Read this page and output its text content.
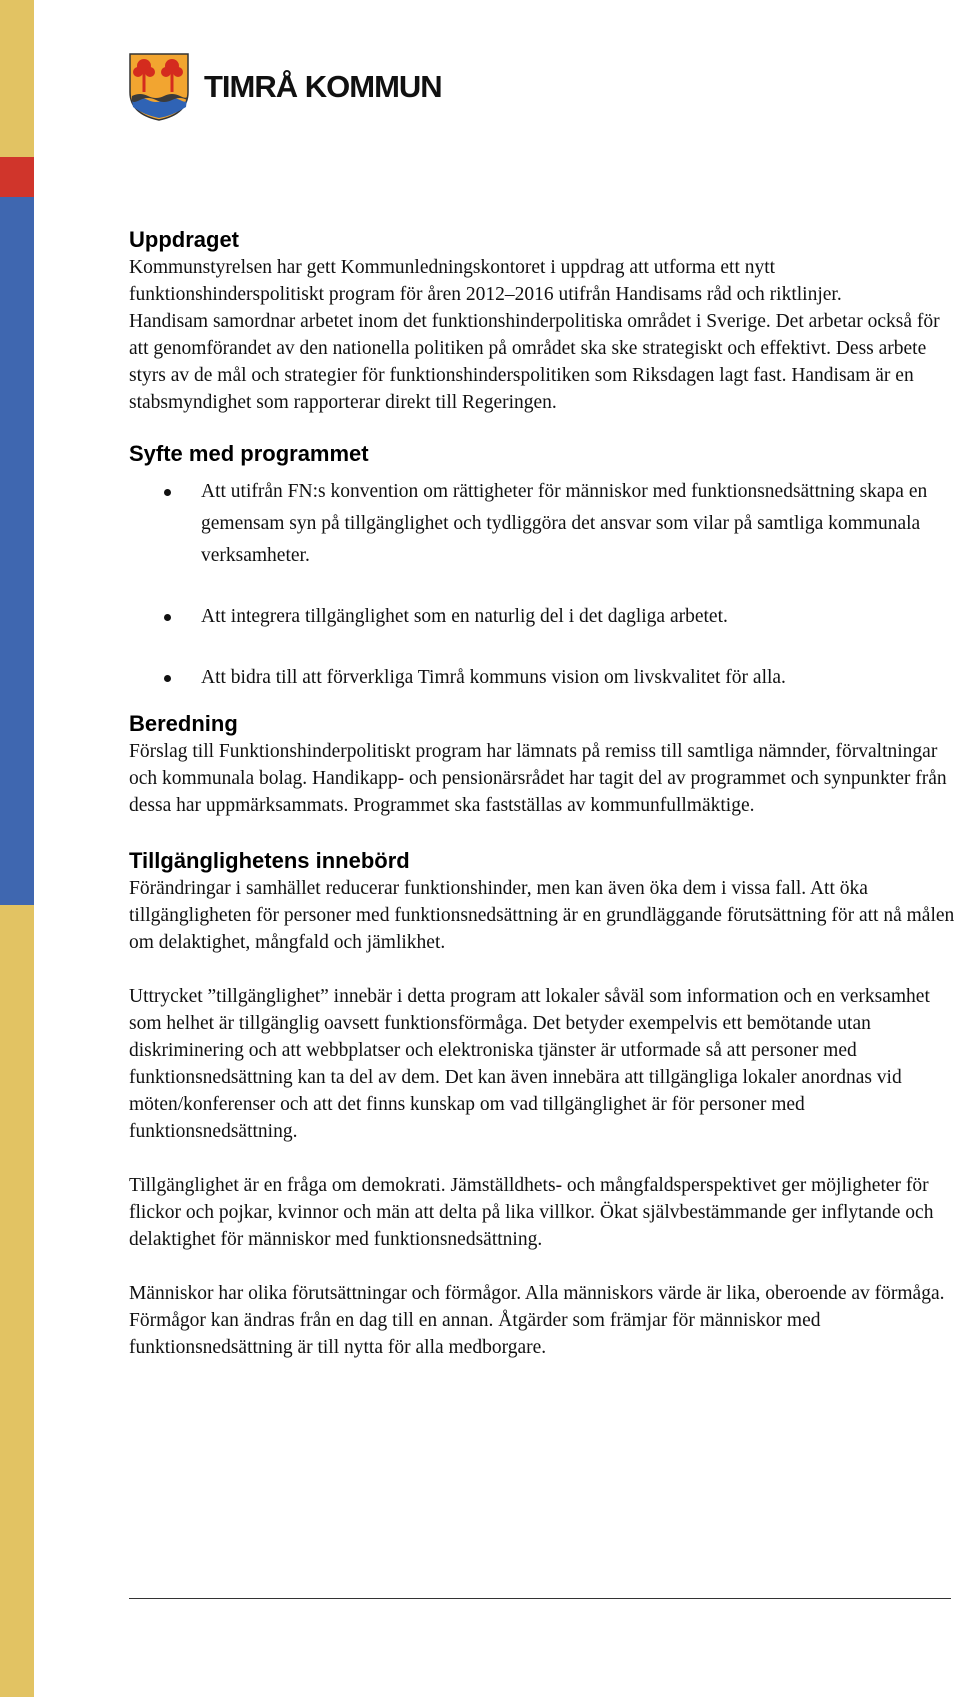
TIMRÅ KOMMUN
Uppdraget

Kommunstyrelsen har gett Kommunledningskontoret i uppdrag att utforma ett nytt funktionshinderspolitiskt program för åren 2012–2016 utifrån Handisams råd och riktlinjer.

Handisam samordnar arbetet inom det funktionshinderpolitiska området i Sverige. Det arbetar också för att genomförandet av den nationella politiken på området ska ske strategiskt och effektivt. Dess arbete styrs av de mål och strategier för funktionshinderspolitiken som Riksdagen lagt fast. Handisam är en stabsmyndighet som rapporterar direkt till Regeringen.

Syfte med programmet
Att utifrån FN:s konvention om rättigheter för människor med funktionsnedsättning skapa en gemensam syn på tillgänglighet och tydliggöra det ansvar som vilar på samtliga kommunala verksamheter.
Att integrera tillgänglighet som en naturlig del i det dagliga arbetet.
Att bidra till att förverkliga Timrå kommuns vision om livskvalitet för alla.
Beredning

Förslag till Funktionshinderpolitiskt program har lämnats på remiss till samtliga nämnder, förvaltningar och kommunala bolag. Handikapp- och pensionärsrådet har tagit del av programmet och synpunkter från dessa har uppmärksammats. Programmet ska fastställas av kommunfullmäktige.

Tillgänglighetens innebörd

Förändringar i samhället reducerar funktionshinder, men kan även öka dem i vissa fall. Att öka tillgängligheten för personer med funktionsnedsättning är en grundläggande förutsättning för att nå målen om delaktighet, mångfald och jämlikhet.

Uttrycket ”tillgänglighet” innebär i detta program att lokaler såväl som information och en verksamhet som helhet är tillgänglig oavsett funktionsförmåga. Det betyder exempelvis ett bemötande utan diskriminering och att webbplatser och elektroniska tjänster är utformade så att personer med funktionsnedsättning kan ta del av dem. Det kan även innebära att tillgängliga lokaler anordnas vid möten/konferenser och att det finns kunskap om vad tillgänglighet är för personer med funktionsnedsättning.

Tillgänglighet är en fråga om demokrati. Jämställdhets- och mångfaldsperspektivet ger möjligheter för flickor och pojkar, kvinnor och män att delta på lika villkor. Ökat självbestämmande ger inflytande och delaktighet för människor med funktionsnedsättning.

Människor har olika förutsättningar och förmågor. Alla människors värde är lika, oberoende av förmåga. Förmågor kan ändras från en dag till en annan. Åtgärder som främjar för människor med funktionsnedsättning är till nytta för alla medborgare.
